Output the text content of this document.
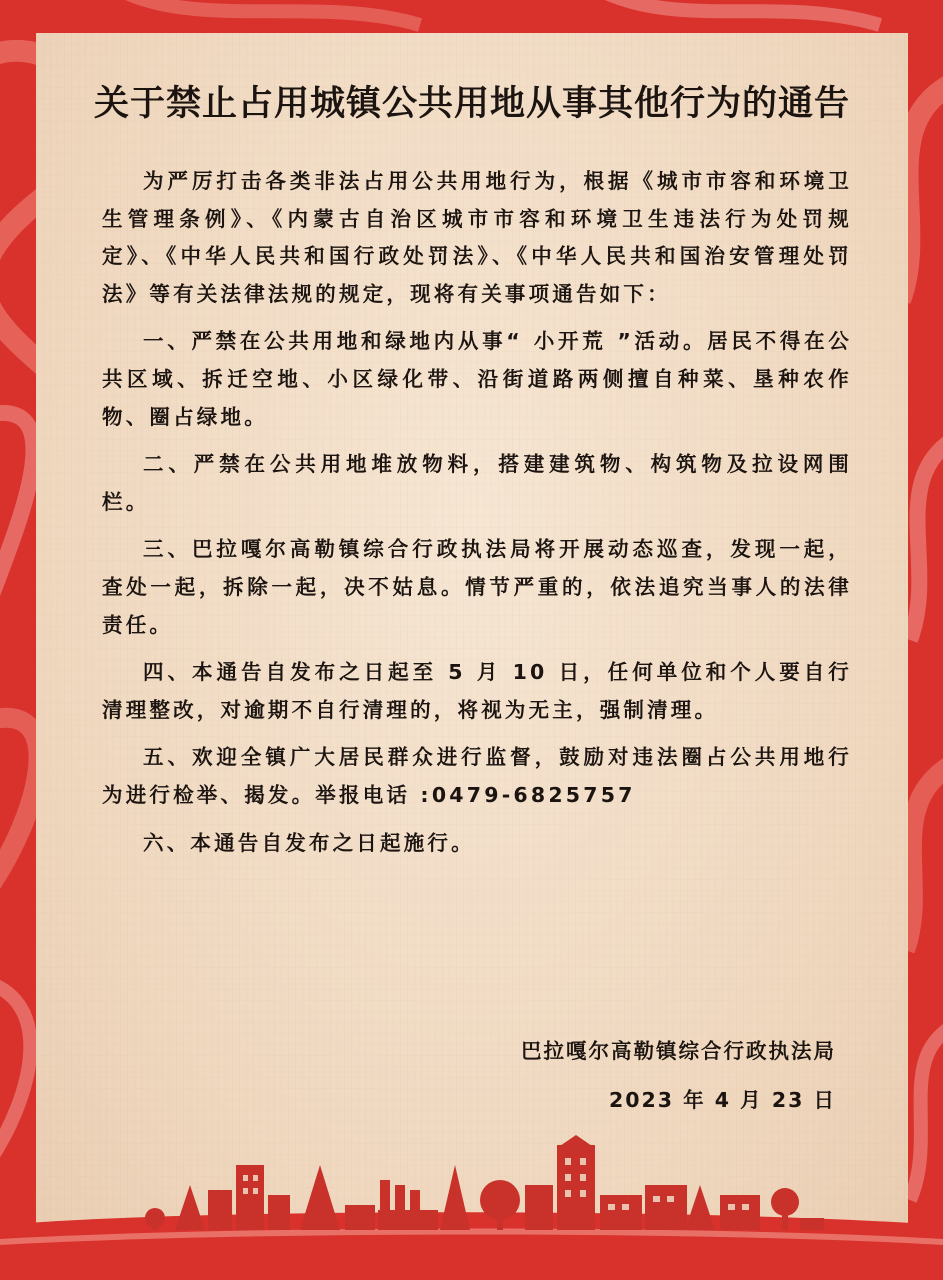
关于禁止占用城镇公共用地从事其他行为的通告

为严厉打击各类非法占用公共用地行为，根据《城市市容和环境卫生管理条例》、《内蒙古自治区城市市容和环境卫生违法行为处罚规定》、《中华人民共和国行政处罚法》、《中华人民共和国治安管理处罚法》等有关法律法规的规定，现将有关事项通告如下：

一、严禁在公共用地和绿地内从事“ 小开荒 ”活动。居民不得在公共区域、拆迁空地、小区绿化带、沿街道路两侧擅自种菜、垦种农作物、圈占绿地。

二、严禁在公共用地堆放物料，搭建建筑物、构筑物及拉设网围栏。

三、巴拉嘎尔高勒镇综合行政执法局将开展动态巡查，发现一起，查处一起，拆除一起，决不姑息。情节严重的，依法追究当事人的法律责任。

四、本通告自发布之日起至 5 月 10 日，任何单位和个人要自行清理整改，对逾期不自行清理的，将视为无主，强制清理。

五、欢迎全镇广大居民群众进行监督，鼓励对违法圈占公共用地行为进行检举、揭发。举报电话 :0479-6825757

六、本通告自发布之日起施行。

巴拉嘎尔高勒镇综合行政执法局
2023 年 4 月 23 日
